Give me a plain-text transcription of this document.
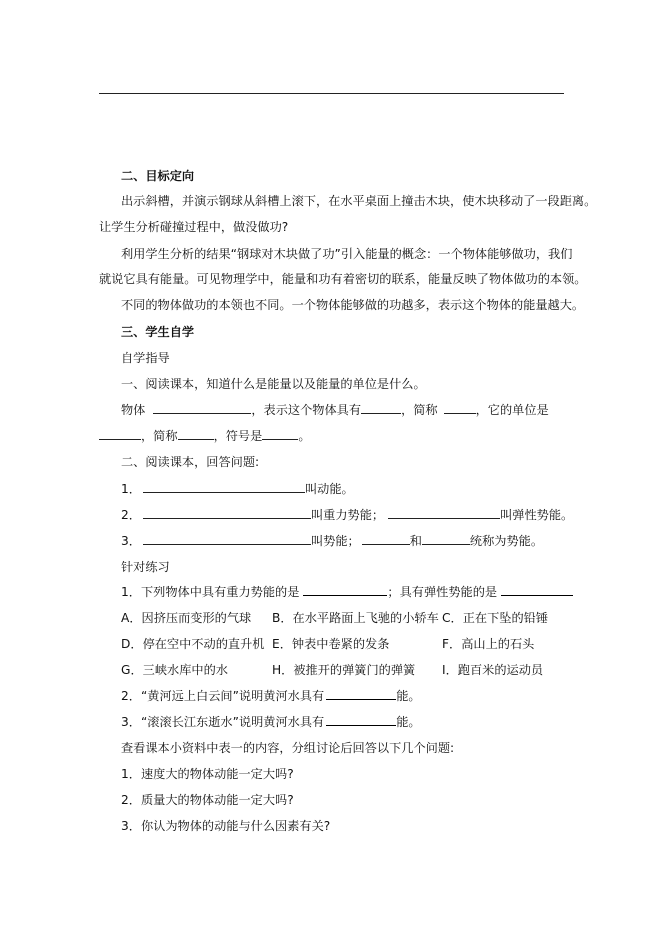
二、目标定向
出示斜槽，并演示钢球从斜槽上滚下，在水平桌面上撞击木块，使木块移动了一段距离。
让学生分析碰撞过程中，做没做功?
利用学生分析的结果“钢球对木块做了功”引入能量的概念：一个物体能够做功，我们
就说它具有能量。可见物理学中，能量和功有着密切的联系，能量反映了物体做功的本领。
不同的物体做功的本领也不同。一个物体能够做的功越多，表示这个物体的能量越大。
三、学生自学
自学指导
一、阅读课本，知道什么是能量以及能量的单位是什么。
物体	，表示这个物体具有	，简称	，它的单位是
，简称	，符号是	。
二、阅读课本，回答问题:
1．	叫动能。
2．	叫重力势能；	叫弹性势能。
3．	叫势能；	和	统称为势能。
针对练习
1．下列物体中具有重力势能的是	；具有弹性势能的是
A．因挤压而变形的气球 B．在水平路面上飞驰的小轿车 C．正在下坠的铅锤
D．停在空中不动的直升机 E．钟表中卷紧的发条	F．高山上的石头
G．三峡水库中的水	H．被推开的弹簧门的弹簧 I．跑百米的运动员
2．“黄河远上白云间”说明黄河水具有	能。
3．“滚滚长江东逝水”说明黄河水具有	能。
查看课本小资料中表一的内容，分组讨论后回答以下几个问题:
1．速度大的物体动能一定大吗?
2．质量大的物体动能一定大吗?
3．你认为物体的动能与什么因素有关?
